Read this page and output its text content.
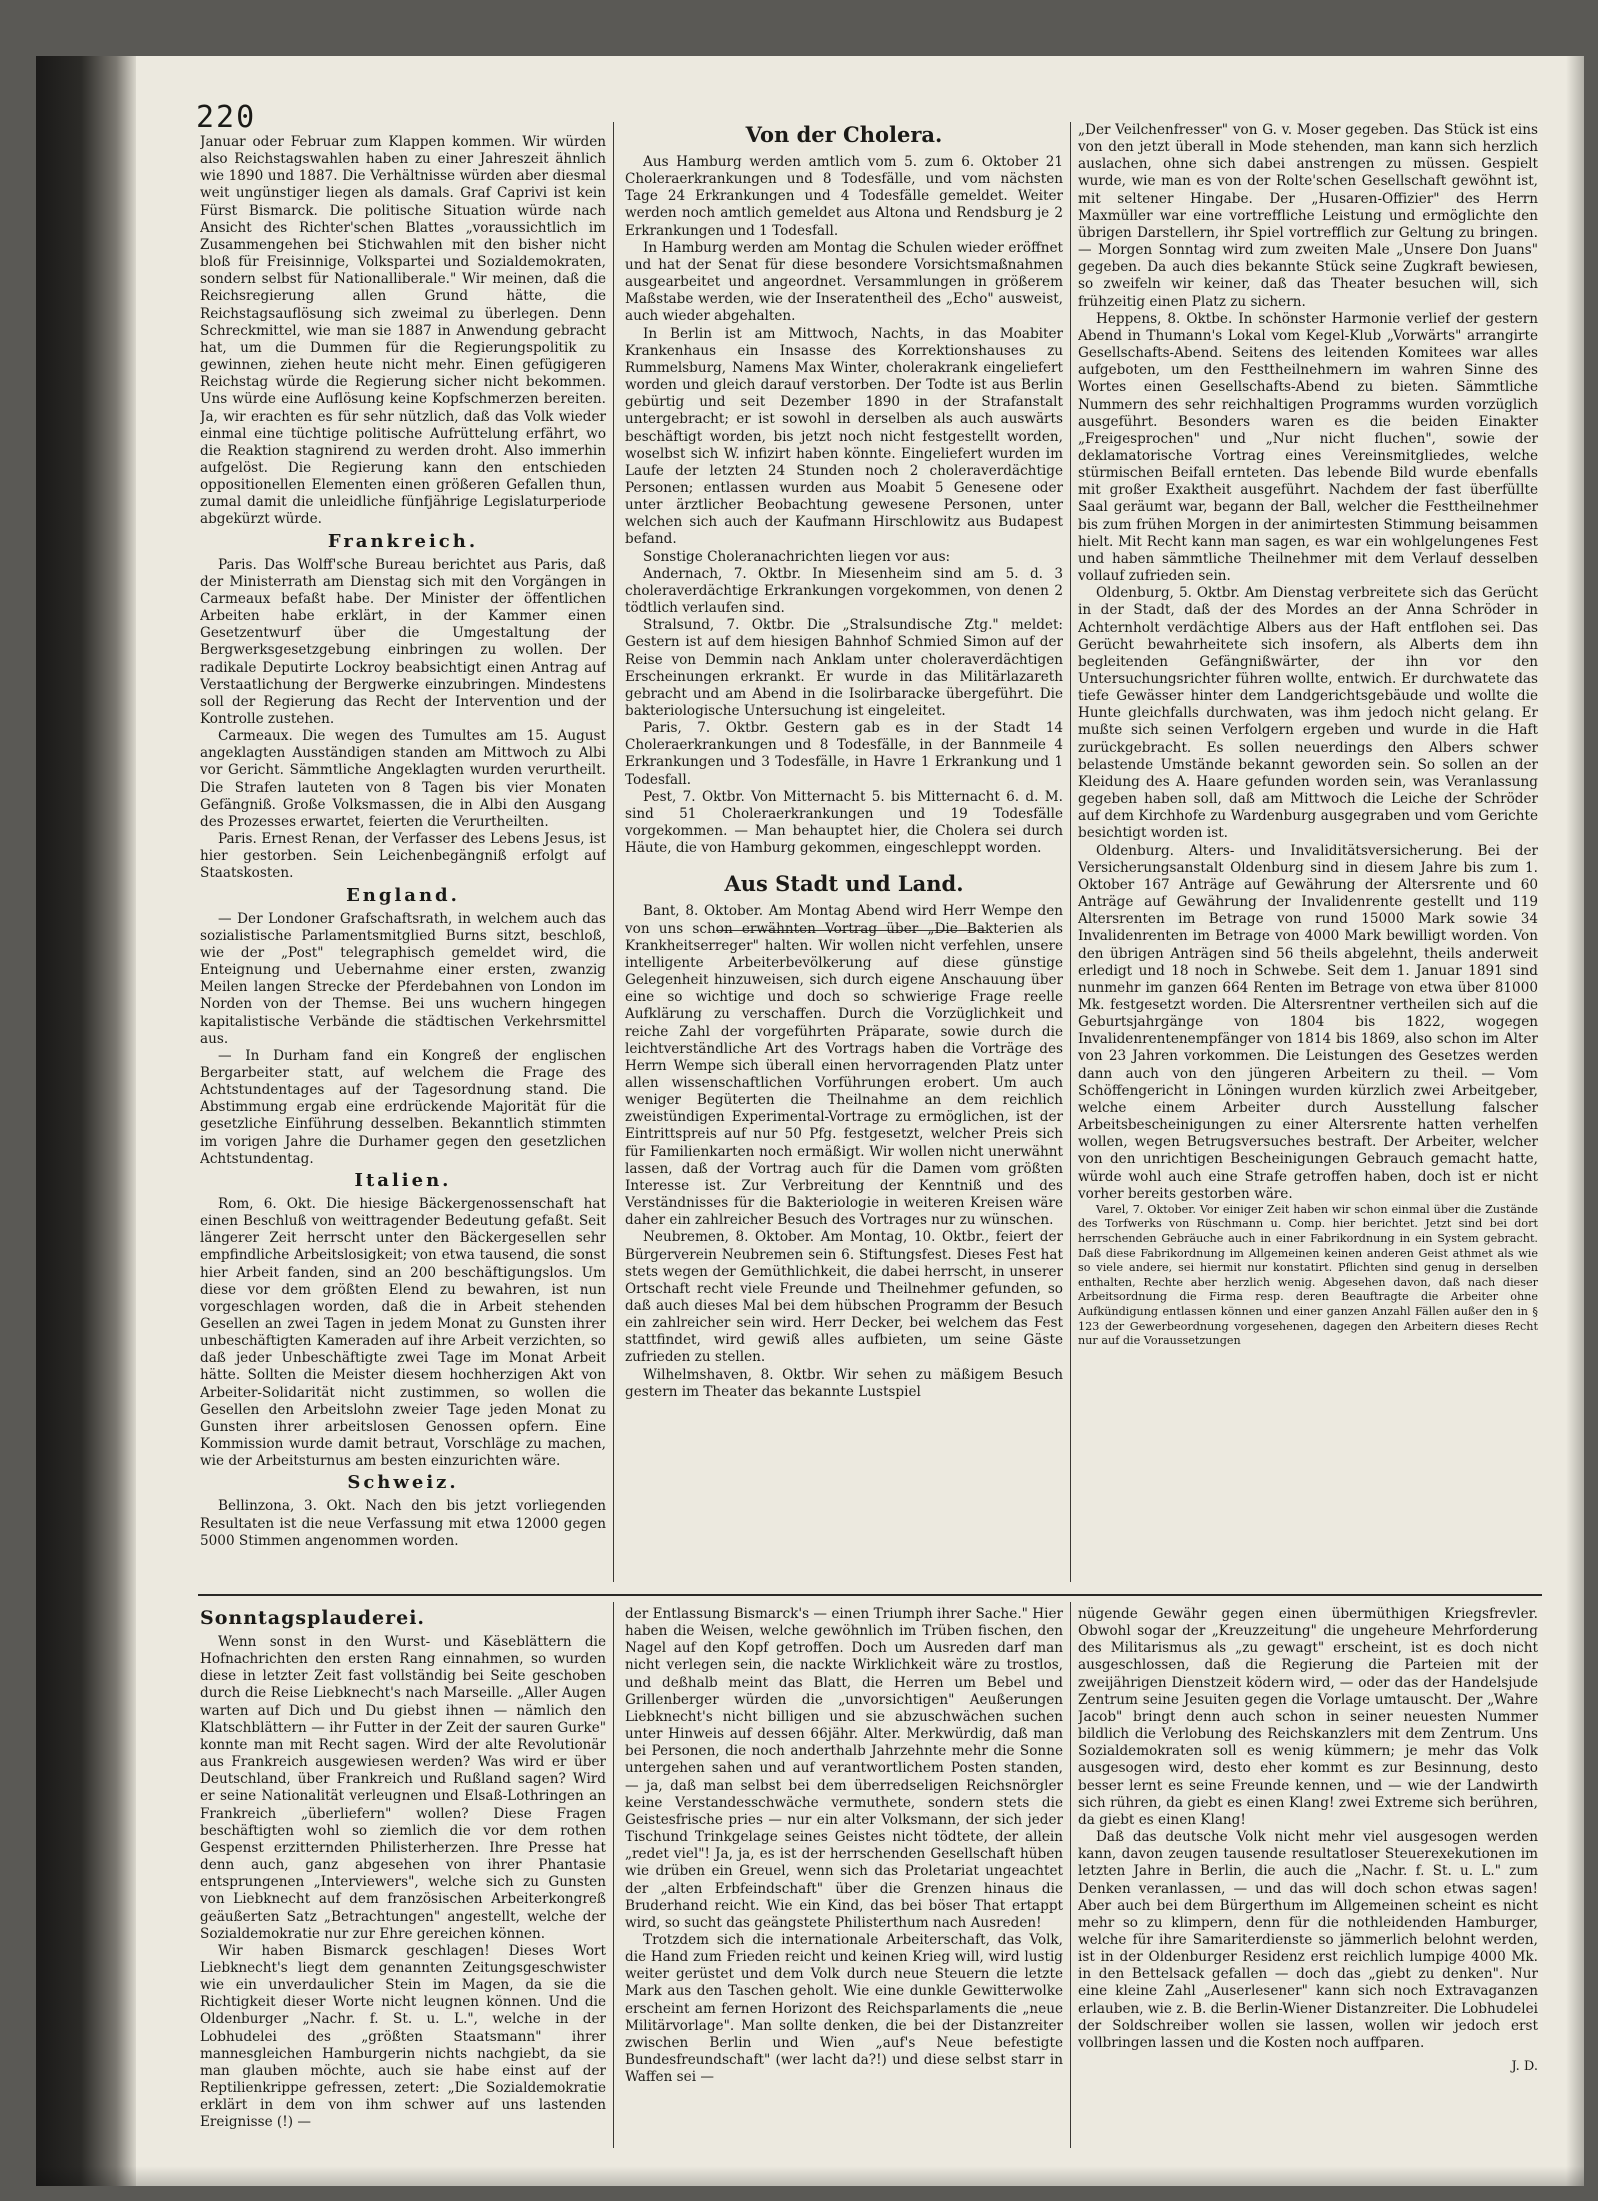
220

Januar oder Februar zum Klappen kommen. Wir würden also Reichstagswahlen haben zu einer Jahreszeit ähnlich wie 1890 und 1887. Die Verhältnisse würden aber diesmal weit ungünstiger liegen als damals. Graf Caprivi ist kein Fürst Bismarck. Die politische Situation würde nach Ansicht des Richter'schen Blattes „voraussichtlich im Zusammengehen bei Stichwahlen mit den bisher nicht bloß für Freisinnige, Volkspartei und Sozialdemokraten, sondern selbst für Nationalliberale." Wir meinen, daß die Reichsregierung allen Grund hätte, die Reichstagsauflösung sich zweimal zu überlegen. Denn Schreckmittel, wie man sie 1887 in Anwendung gebracht hat, um die Dummen für die Regierungspolitik zu gewinnen, ziehen heute nicht mehr. Einen gefügigeren Reichstag würde die Regierung sicher nicht bekommen. Uns würde eine Auflösung keine Kopfschmerzen bereiten. Ja, wir erachten es für sehr nützlich, daß das Volk wieder einmal eine tüchtige politische Aufrüttelung erfährt, wo die Reaktion stagnirend zu werden droht. Also immerhin aufgelöst. Die Regierung kann den entschieden oppositionellen Elementen einen größeren Gefallen thun, zumal damit die unleidliche fünfjährige Legislaturperiode abgekürzt würde.

Frankreich.

Paris. Das Wolff'sche Bureau berichtet aus Paris, daß der Ministerrath am Dienstag sich mit den Vorgängen in Carmeaux befaßt habe. Der Minister der öffentlichen Arbeiten habe erklärt, in der Kammer einen Gesetzentwurf über die Umgestaltung der Bergwerksgesetzgebung einbringen zu wollen. Der radikale Deputirte Lockroy beabsichtigt einen Antrag auf Verstaatlichung der Bergwerke einzubringen. Mindestens soll der Regierung das Recht der Intervention und der Kontrolle zustehen.

Carmeaux. Die wegen des Tumultes am 15. August angeklagten Ausständigen standen am Mittwoch zu Albi vor Gericht. Sämmtliche Angeklagten wurden verurtheilt. Die Strafen lauteten von 8 Tagen bis vier Monaten Gefängniß. Große Volksmassen, die in Albi den Ausgang des Prozesses erwartet, feierten die Verurtheilten.

Paris. Ernest Renan, der Verfasser des Lebens Jesus, ist hier gestorben. Sein Leichenbegängniß erfolgt auf Staatskosten.

England.

— Der Londoner Grafschaftsrath, in welchem auch das sozialistische Parlamentsmitglied Burns sitzt, beschloß, wie der „Post" telegraphisch gemeldet wird, die Enteignung und Uebernahme einer ersten, zwanzig Meilen langen Strecke der Pferdebahnen von London im Norden von der Themse. Bei uns wuchern hingegen kapitalistische Verbände die städtischen Verkehrsmittel aus.

— In Durham fand ein Kongreß der englischen Bergarbeiter statt, auf welchem die Frage des Achtstundentages auf der Tagesordnung stand. Die Abstimmung ergab eine erdrückende Majorität für die gesetzliche Einführung desselben. Bekanntlich stimmten im vorigen Jahre die Durhamer gegen den gesetzlichen Achtstundentag.

Italien.

Rom, 6. Okt. Die hiesige Bäckergenossenschaft hat einen Beschluß von weittragender Bedeutung gefaßt. Seit längerer Zeit herrscht unter den Bäckergesellen sehr empfindliche Arbeitslosigkeit; von etwa tausend, die sonst hier Arbeit fanden, sind an 200 beschäftigungslos. Um diese vor dem größten Elend zu bewahren, ist nun vorgeschlagen worden, daß die in Arbeit stehenden Gesellen an zwei Tagen in jedem Monat zu Gunsten ihrer unbeschäftigten Kameraden auf ihre Arbeit verzichten, so daß jeder Unbeschäftigte zwei Tage im Monat Arbeit hätte. Sollten die Meister diesem hochherzigen Akt von Arbeiter-Solidarität nicht zustimmen, so wollen die Gesellen den Arbeitslohn zweier Tage jeden Monat zu Gunsten ihrer arbeitslosen Genossen opfern. Eine Kommission wurde damit betraut, Vorschläge zu machen, wie der Arbeitsturnus am besten einzurichten wäre.

Schweiz.

Bellinzona, 3. Okt. Nach den bis jetzt vorliegenden Resultaten ist die neue Verfassung mit etwa 12000 gegen 5000 Stimmen angenommen worden.

Von der Cholera.

Aus Hamburg werden amtlich vom 5. zum 6. Oktober 21 Choleraerkrankungen und 8 Todesfälle, und vom nächsten Tage 24 Erkrankungen und 4 Todesfälle gemeldet. Weiter werden noch amtlich gemeldet aus Altona und Rendsburg je 2 Erkrankungen und 1 Todesfall.

In Hamburg werden am Montag die Schulen wieder eröffnet und hat der Senat für diese besondere Vorsichtsmaßnahmen ausgearbeitet und angeordnet. Versammlungen in größerem Maßstabe werden, wie der Inseratentheil des „Echo" ausweist, auch wieder abgehalten.

In Berlin ist am Mittwoch, Nachts, in das Moabiter Krankenhaus ein Insasse des Korrektionshauses zu Rummelsburg, Namens Max Winter, cholerakrank eingeliefert worden und gleich darauf verstorben. Der Todte ist aus Berlin gebürtig und seit Dezember 1890 in der Strafanstalt untergebracht; er ist sowohl in derselben als auch auswärts beschäftigt worden, bis jetzt noch nicht festgestellt worden, woselbst sich W. infizirt haben könnte. Eingeliefert wurden im Laufe der letzten 24 Stunden noch 2 choleraverdächtige Personen; entlassen wurden aus Moabit 5 Genesene oder unter ärztlicher Beobachtung gewesene Personen, unter welchen sich auch der Kaufmann Hirschlowitz aus Budapest befand.

Sonstige Choleranachrichten liegen vor aus:

Andernach, 7. Oktbr. In Miesenheim sind am 5. d. 3 choleraverdächtige Erkrankungen vorgekommen, von denen 2 tödtlich verlaufen sind.

Stralsund, 7. Oktbr. Die „Stralsundische Ztg." meldet: Gestern ist auf dem hiesigen Bahnhof Schmied Simon auf der Reise von Demmin nach Anklam unter choleraverdächtigen Erscheinungen erkrankt. Er wurde in das Militärlazareth gebracht und am Abend in die Isolirbaracke übergeführt. Die bakteriologische Untersuchung ist eingeleitet.

Paris, 7. Oktbr. Gestern gab es in der Stadt 14 Choleraerkrankungen und 8 Todesfälle, in der Bannmeile 4 Erkrankungen und 3 Todesfälle, in Havre 1 Erkrankung und 1 Todesfall.

Pest, 7. Oktbr. Von Mitternacht 5. bis Mitternacht 6. d. M. sind 51 Choleraerkrankungen und 19 Todesfälle vorgekommen. — Man behauptet hier, die Cholera sei durch Häute, die von Hamburg gekommen, eingeschleppt worden.

Aus Stadt und Land.

Bant, 8. Oktober. Am Montag Abend wird Herr Wempe den von uns schon erwähnten Vortrag über „Die Bakterien als Krankheitserreger" halten. Wir wollen nicht verfehlen, unsere intelligente Arbeiterbevölkerung auf diese günstige Gelegenheit hinzuweisen, sich durch eigene Anschauung über eine so wichtige und doch so schwierige Frage reelle Aufklärung zu verschaffen. Durch die Vorzüglichkeit und reiche Zahl der vorgeführten Präparate, sowie durch die leichtverständliche Art des Vortrags haben die Vorträge des Herrn Wempe sich überall einen hervorragenden Platz unter allen wissenschaftlichen Vorführungen erobert. Um auch weniger Begüterten die Theilnahme an dem reichlich zweistündigen Experimental-Vortrage zu ermöglichen, ist der Eintrittspreis auf nur 50 Pfg. festgesetzt, welcher Preis sich für Familienkarten noch ermäßigt. Wir wollen nicht unerwähnt lassen, daß der Vortrag auch für die Damen vom größten Interesse ist. Zur Verbreitung der Kenntniß und des Verständnisses für die Bakteriologie in weiteren Kreisen wäre daher ein zahlreicher Besuch des Vortrages nur zu wünschen.

Neubremen, 8. Oktober. Am Montag, 10. Oktbr., feiert der Bürgerverein Neubremen sein 6. Stiftungsfest. Dieses Fest hat stets wegen der Gemüthlichkeit, die dabei herrscht, in unserer Ortschaft recht viele Freunde und Theilnehmer gefunden, so daß auch dieses Mal bei dem hübschen Programm der Besuch ein zahlreicher sein wird. Herr Decker, bei welchem das Fest stattfindet, wird gewiß alles aufbieten, um seine Gäste zufrieden zu stellen.

Wilhelmshaven, 8. Oktbr. Wir sehen zu mäßigem Besuch gestern im Theater das bekannte Lustspiel

„Der Veilchenfresser" von G. v. Moser gegeben. Das Stück ist eins von den jetzt überall in Mode stehenden, man kann sich herzlich auslachen, ohne sich dabei anstrengen zu müssen. Gespielt wurde, wie man es von der Rolte'schen Gesellschaft gewöhnt ist, mit seltener Hingabe. Der „Husaren-Offizier" des Herrn Maxmüller war eine vortreffliche Leistung und ermöglichte den übrigen Darstellern, ihr Spiel vortrefflich zur Geltung zu bringen. — Morgen Sonntag wird zum zweiten Male „Unsere Don Juans" gegeben. Da auch dies bekannte Stück seine Zugkraft bewiesen, so zweifeln wir keiner, daß das Theater besuchen will, sich frühzeitig einen Platz zu sichern.

Heppens, 8. Oktbe. In schönster Harmonie verlief der gestern Abend in Thumann's Lokal vom Kegel-Klub „Vorwärts" arrangirte Gesellschafts-Abend. Seitens des leitenden Komitees war alles aufgeboten, um den Festtheilnehmern im wahren Sinne des Wortes einen Gesellschafts-Abend zu bieten. Sämmtliche Nummern des sehr reichhaltigen Programms wurden vorzüglich ausgeführt. Besonders waren es die beiden Einakter „Freigesprochen" und „Nur nicht fluchen", sowie der deklamatorische Vortrag eines Vereinsmitgliedes, welche stürmischen Beifall ernteten. Das lebende Bild wurde ebenfalls mit großer Exaktheit ausgeführt. Nachdem der fast überfüllte Saal geräumt war, begann der Ball, welcher die Festtheilnehmer bis zum frühen Morgen in der animirtesten Stimmung beisammen hielt. Mit Recht kann man sagen, es war ein wohlgelungenes Fest und haben sämmtliche Theilnehmer mit dem Verlauf desselben vollauf zufrieden sein.

Oldenburg, 5. Oktbr. Am Dienstag verbreitete sich das Gerücht in der Stadt, daß der des Mordes an der Anna Schröder in Achternholt verdächtige Albers aus der Haft entflohen sei. Das Gerücht bewahrheitete sich insofern, als Alberts dem ihn begleitenden Gefängnißwärter, der ihn vor den Untersuchungsrichter führen wollte, entwich. Er durchwatete das tiefe Gewässer hinter dem Landgerichtsgebäude und wollte die Hunte gleichfalls durchwaten, was ihm jedoch nicht gelang. Er mußte sich seinen Verfolgern ergeben und wurde in die Haft zurückgebracht. Es sollen neuerdings den Albers schwer belastende Umstände bekannt geworden sein. So sollen an der Kleidung des A. Haare gefunden worden sein, was Veranlassung gegeben haben soll, daß am Mittwoch die Leiche der Schröder auf dem Kirchhofe zu Wardenburg ausgegraben und vom Gerichte besichtigt worden ist.

Oldenburg. Alters- und Invaliditätsversicherung. Bei der Versicherungsanstalt Oldenburg sind in diesem Jahre bis zum 1. Oktober 167 Anträge auf Gewährung der Altersrente und 60 Anträge auf Gewährung der Invalidenrente gestellt und 119 Altersrenten im Betrage von rund 15000 Mark sowie 34 Invalidenrenten im Betrage von 4000 Mark bewilligt worden. Von den übrigen Anträgen sind 56 theils abgelehnt, theils anderweit erledigt und 18 noch in Schwebe. Seit dem 1. Januar 1891 sind nunmehr im ganzen 664 Renten im Betrage von etwa über 81000 Mk. festgesetzt worden. Die Altersrentner vertheilen sich auf die Geburtsjahrgänge von 1804 bis 1822, wogegen Invalidenrentenempfänger von 1814 bis 1869, also schon im Alter von 23 Jahren vorkommen. Die Leistungen des Gesetzes werden dann auch von den jüngeren Arbeitern zu theil. — Vom Schöffengericht in Löningen wurden kürzlich zwei Arbeitgeber, welche einem Arbeiter durch Ausstellung falscher Arbeitsbescheinigungen zu einer Altersrente hatten verhelfen wollen, wegen Betrugsversuches bestraft. Der Arbeiter, welcher von den unrichtigen Bescheinigungen Gebrauch gemacht hatte, würde wohl auch eine Strafe getroffen haben, doch ist er nicht vorher bereits gestorben wäre.

Varel, 7. Oktober. Vor einiger Zeit haben wir schon einmal über die Zustände des Torfwerks von Rüschmann u. Comp. hier berichtet. Jetzt sind bei dort herrschenden Gebräuche auch in einer Fabrikordnung in ein System gebracht. Daß diese Fabrikordnung im Allgemeinen keinen anderen Geist athmet als wie so viele andere, sei hiermit nur konstatirt. Pflichten sind genug in derselben enthalten, Rechte aber herzlich wenig. Abgesehen davon, daß nach dieser Arbeitsordnung die Firma resp. deren Beauftragte die Arbeiter ohne Aufkündigung entlassen können und einer ganzen Anzahl Fällen außer den in § 123 der Gewerbeordnung vorgesehenen, dagegen den Arbeitern dieses Recht nur auf die Voraussetzungen

Sonntagsplauderei.

Wenn sonst in den Wurst- und Käseblättern die Hofnachrichten den ersten Rang einnahmen, so wurden diese in letzter Zeit fast vollständig bei Seite geschoben durch die Reise Liebknecht's nach Marseille. „Aller Augen warten auf Dich und Du giebst ihnen — nämlich den Klatschblättern — ihr Futter in der Zeit der sauren Gurke" konnte man mit Recht sagen. Wird der alte Revolutionär aus Frankreich ausgewiesen werden? Was wird er über Deutschland, über Frankreich und Rußland sagen? Wird er seine Nationalität verleugnen und Elsaß-Lothringen an Frankreich „überliefern" wollen? Diese Fragen beschäftigten wohl so ziemlich die vor dem rothen Gespenst erzitternden Philisterherzen. Ihre Presse hat denn auch, ganz abgesehen von ihrer Phantasie entsprungenen „Interviewers", welche sich zu Gunsten von Liebknecht auf dem französischen Arbeiterkongreß geäußerten Satz „Betrachtungen" angestellt, welche der Sozialdemokratie nur zur Ehre gereichen können.

Wir haben Bismarck geschlagen! Dieses Wort Liebknecht's liegt dem genannten Zeitungsgeschwister wie ein unverdaulicher Stein im Magen, da sie die Richtigkeit dieser Worte nicht leugnen können. Und die Oldenburger „Nachr. f. St. u. L.", welche in der Lobhudelei des „größten Staatsmann" ihrer mannesgleichen Hamburgerin nichts nachgiebt, da sie man glauben möchte, auch sie habe einst auf der Reptilienkrippe gefressen, zetert: „Die Sozialdemokratie erklärt in dem von ihm schwer auf uns lastenden Ereignisse (!) —

der Entlassung Bismarck's — einen Triumph ihrer Sache." Hier haben die Weisen, welche gewöhnlich im Trüben fischen, den Nagel auf den Kopf getroffen. Doch um Ausreden darf man nicht verlegen sein, die nackte Wirklichkeit wäre zu trostlos, und deßhalb meint das Blatt, die Herren um Bebel und Grillenberger würden die „unvorsichtigen" Aeußerungen Liebknecht's nicht billigen und sie abzuschwächen suchen unter Hinweis auf dessen 66jähr. Alter. Merkwürdig, daß man bei Personen, die noch anderthalb Jahrzehnte mehr die Sonne untergehen sahen und auf verantwortlichem Posten standen, — ja, daß man selbst bei dem überredseligen Reichsnörgler keine Verstandesschwäche vermuthete, sondern stets die Geistesfrische pries — nur ein alter Volksmann, der sich jeder Tischund Trinkgelage seines Geistes nicht tödtete, der allein „redet viel"! Ja, ja, es ist der herrschenden Gesellschaft hüben wie drüben ein Greuel, wenn sich das Proletariat ungeachtet der „alten Erbfeindschaft" über die Grenzen hinaus die Bruderhand reicht. Wie ein Kind, das bei böser That ertappt wird, so sucht das geängstete Philisterthum nach Ausreden!

Trotzdem sich die internationale Arbeiterschaft, das Volk, die Hand zum Frieden reicht und keinen Krieg will, wird lustig weiter gerüstet und dem Volk durch neue Steuern die letzte Mark aus den Taschen geholt. Wie eine dunkle Gewitterwolke erscheint am fernen Horizont des Reichsparlaments die „neue Militärvorlage". Man sollte denken, die bei der Distanzreiter zwischen Berlin und Wien „auf's Neue befestigte Bundesfreundschaft" (wer lacht da?!) und diese selbst starr in Waffen sei —

nügende Gewähr gegen einen übermüthigen Kriegsfrevler. Obwohl sogar der „Kreuzzeitung" die ungeheure Mehrforderung des Militarismus als „zu gewagt" erscheint, ist es doch nicht ausgeschlossen, daß die Regierung die Parteien mit der zweijährigen Dienstzeit ködern wird, — oder das der Handelsjude Zentrum seine Jesuiten gegen die Vorlage umtauscht. Der „Wahre Jacob" bringt denn auch schon in seiner neuesten Nummer bildlich die Verlobung des Reichskanzlers mit dem Zentrum. Uns Sozialdemokraten soll es wenig kümmern; je mehr das Volk ausgesogen wird, desto eher kommt es zur Besinnung, desto besser lernt es seine Freunde kennen, und — wie der Landwirth sich rühren, da giebt es einen Klang! zwei Extreme sich berühren, da giebt es einen Klang!

Daß das deutsche Volk nicht mehr viel ausgesogen werden kann, davon zeugen tausende resultatloser Steuerexekutionen im letzten Jahre in Berlin, die auch die „Nachr. f. St. u. L." zum Denken veranlassen, — und das will doch schon etwas sagen! Aber auch bei dem Bürgerthum im Allgemeinen scheint es nicht mehr so zu klimpern, denn für die nothleidenden Hamburger, welche für ihre Samariterdienste so jämmerlich belohnt werden, ist in der Oldenburger Residenz erst reichlich lumpige 4000 Mk. in den Bettelsack gefallen — doch das „giebt zu denken". Nur eine kleine Zahl „Auserlesener" kann sich noch Extravaganzen erlauben, wie z. B. die Berlin-Wiener Distanzreiter. Die Lobhudelei der Soldschreiber wollen sie lassen, wollen wir jedoch erst vollbringen lassen und die Kosten noch auffparen.

J. D.
